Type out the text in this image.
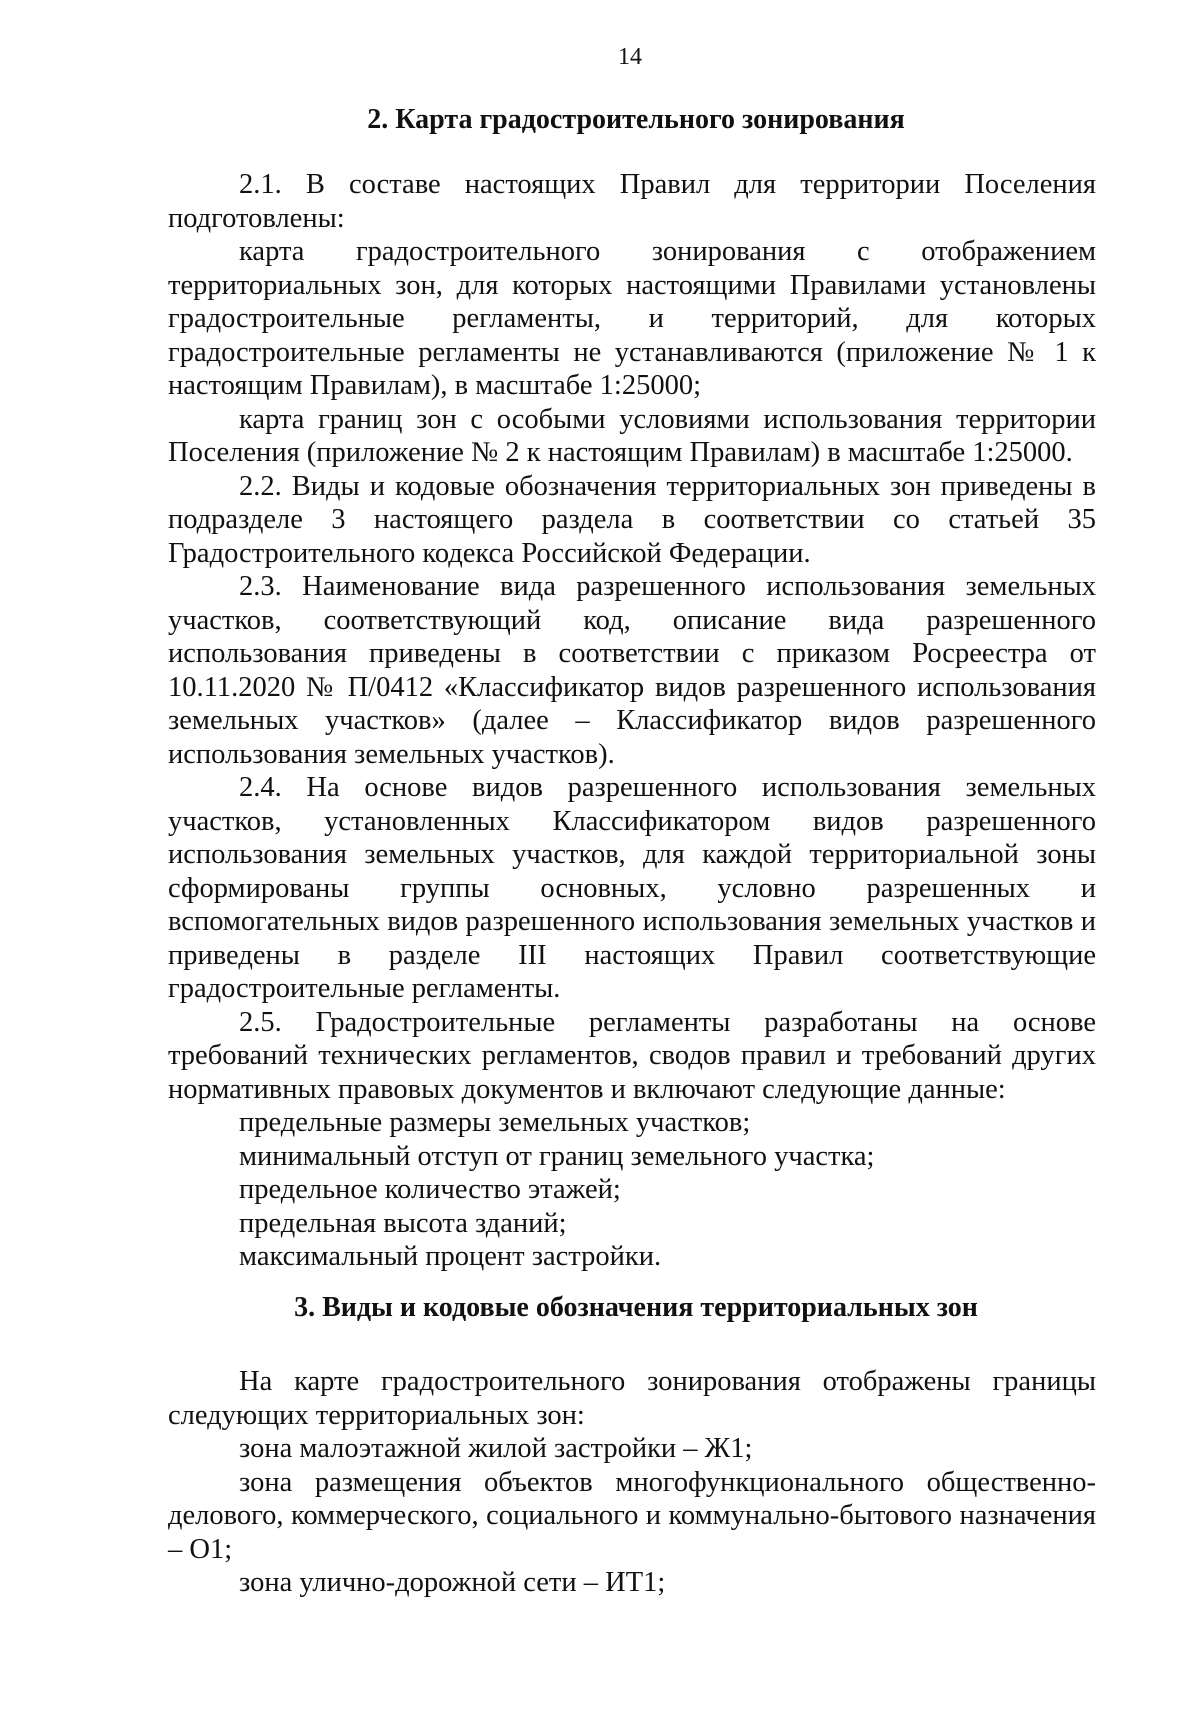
14
2. Карта градостроительного зонирования

2.1. В составе настоящих Правил для территории Поселения подготовлены:

карта градостроительного зонирования с отображением территориальных зон, для которых настоящими Правилами установлены градостроительные регламенты, и территорий, для которых градостроительные регламенты не устанавливаются (приложение № 1 к настоящим Правилам), в масштабе 1:25000;

карта границ зон с особыми условиями использования территории Поселения (приложение № 2 к настоящим Правилам) в масштабе 1:25000.

2.2. Виды и кодовые обозначения территориальных зон приведены в подразделе 3 настоящего раздела в соответствии со статьей 35 Градостроительного кодекса Российской Федерации.

2.3. Наименование вида разрешенного использования земельных участков, соответствующий код, описание вида разрешенного использования приведены в соответствии с приказом Росреестра от 10.11.2020 № П/0412 «Классификатор видов разрешенного использования земельных участков» (далее – Классификатор видов разрешенного использования земельных участков).

2.4. На основе видов разрешенного использования земельных участков, установленных Классификатором видов разрешенного использования земельных участков, для каждой территориальной зоны сформированы группы основных, условно разрешенных и вспомогательных видов разрешенного использования земельных участков и приведены в разделе III настоящих Правил соответствующие градостроительные регламенты.

2.5. Градостроительные регламенты разработаны на основе требований технических регламентов, сводов правил и требований других нормативных правовых документов и включают следующие данные:

предельные размеры земельных участков;

минимальный отступ от границ земельного участка;

предельное количество этажей;

предельная высота зданий;

максимальный процент застройки.

3. Виды и кодовые обозначения территориальных зон

На карте градостроительного зонирования отображены границы следующих территориальных зон:

зона малоэтажной жилой застройки – Ж1;

зона размещения объектов многофункционального общественно-делового, коммерческого, социального и коммунально-бытового назначения – О1;

зона улично-дорожной сети – ИТ1;
